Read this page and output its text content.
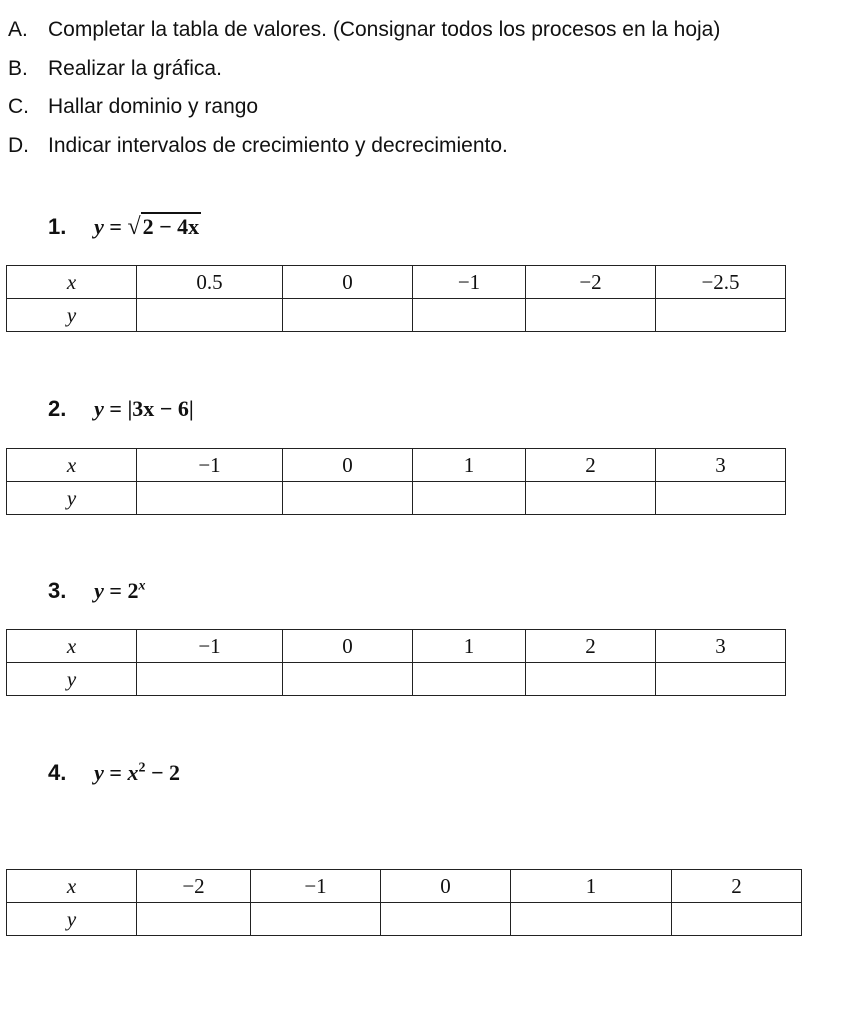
A. Completar la tabla de valores. (Consignar todos los procesos en la hoja)
B. Realizar la gráfica.
C. Hallar dominio y rango
D. Indicar intervalos de crecimiento y decrecimiento.
1. y = √2 − 4x
x	0.5	0	−1	−2	−2.5
y					
2. y = |3x − 6|
x	−1	0	1	2	3
y					
3. $y = 2^x$
x	−1	0	1	2	3
y					
4. $y = x^2 - 2$
x	−2	−1	0	1	2
y					
